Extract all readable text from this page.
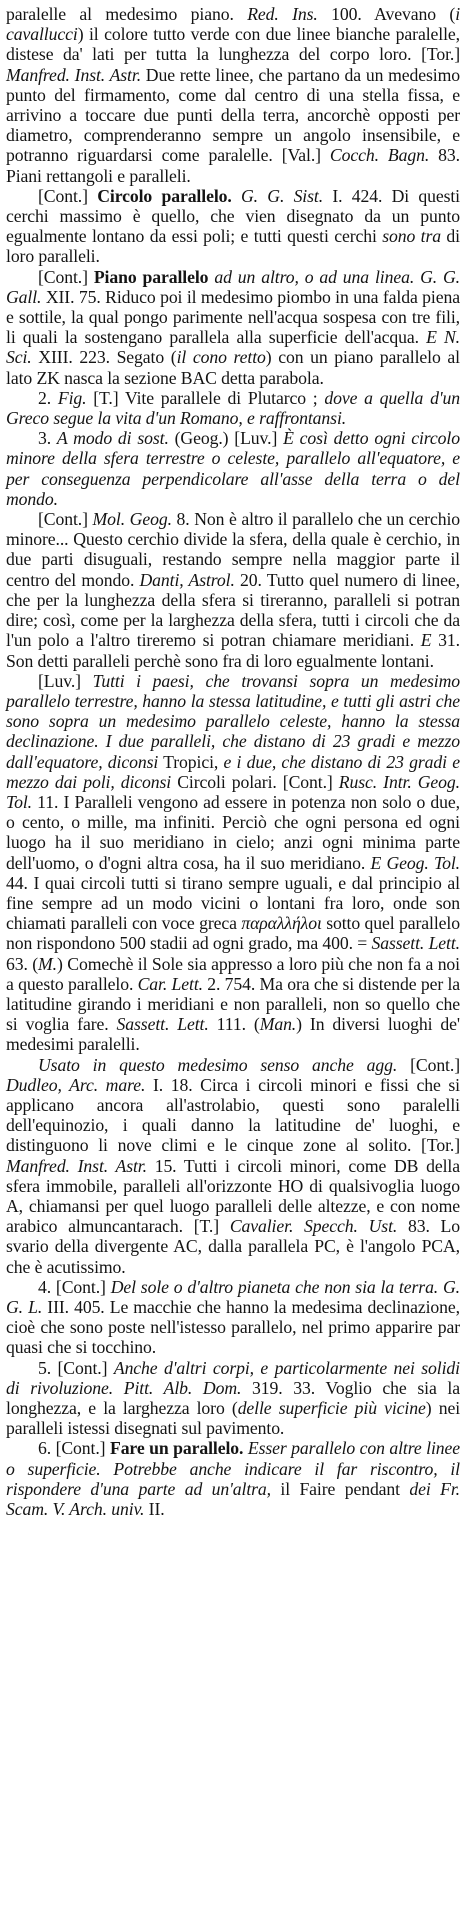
paralelle al medesimo piano. Red. Ins. 100. Avevano (i cavallucci) il colore tutto verde con due linee bianche paralelle, distese da' lati per tutta la lunghezza del corpo loro. [Tor.] Manfred. Inst. Astr. Due rette linee, che partano da un medesimo punto del firmamento, come dal centro di una stella fissa, e arrivino a toccare due punti della terra, ancorchè opposti per diametro, comprenderanno sempre un angolo insensibile, e potranno riguardarsi come paralelle. [Val.] Cocch. Bagn. 83. Piani rettangoli e paralleli.

[Cont.] Circolo parallelo. G. G. Sist. I. 424. Di questi cerchi massimo è quello, che vien disegnato da un punto egualmente lontano da essi poli; e tutti questi cerchi sono tra di loro paralleli.

[Cont.] Piano parallelo ad un altro, o ad una linea. G. G. Gall. XII. 75. Riduco poi il medesimo piombo in una falda piena e sottile, la qual pongo parimente nell'acqua sospesa con tre fili, li quali la sostengano parallela alla superficie dell'acqua. E N. Sci. XIII. 223. Segato (il cono retto) con un piano parallelo al lato ZK nasca la sezione BAC detta parabola.

2. Fig. [T.] Vite parallele di Plutarco ; dove a quella d'un Greco segue la vita d'un Romano, e raffrontansi.

3. A modo di sost. (Geog.) [Luv.] È così detto ogni circolo minore della sfera terrestre o celeste, parallelo all'equatore, e per conseguenza perpendicolare all'asse della terra o del mondo.

[Cont.] Mol. Geog. 8. Non è altro il parallelo che un cerchio minore... Questo cerchio divide la sfera, della quale è cerchio, in due parti disuguali, restando sempre nella maggior parte il centro del mondo. Danti, Astrol. 20. Tutto quel numero di linee, che per la lunghezza della sfera si tireranno, paralleli si potran dire; così, come per la larghezza della sfera, tutti i circoli che da l'un polo a l'altro tireremo si potran chiamare meridiani. E 31. Son detti paralleli perchè sono fra di loro egualmente lontani.

[Luv.] Tutti i paesi, che trovansi sopra un medesimo parallelo terrestre, hanno la stessa latitudine, e tutti gli astri che sono sopra un medesimo parallelo celeste, hanno la stessa declinazione. I due paralleli, che distano di 23 gradi e mezzo dall'equatore, diconsi Tropici, e i due, che distano di 23 gradi e mezzo dai poli, diconsi Circoli polari. [Cont.] Rusc. Intr. Geog. Tol. 11. I Paralleli vengono ad essere in potenza non solo o due, o cento, o mille, ma infiniti. Perciò che ogni persona ed ogni luogo ha il suo meridiano in cielo; anzi ogni minima parte dell'uomo, o d'ogni altra cosa, ha il suo meridiano. E Geog. Tol. 44. I quai circoli tutti si tirano sempre uguali, e dal principio al fine sempre ad un modo vicini o lontani fra loro, onde son chiamati paralleli con voce greca παραλλήλοι sotto quel parallelo non rispondono 500 stadii ad ogni grado, ma 400. = Sassett. Lett. 63. (M.) Comechè il Sole sia appresso a loro più che non fa a noi a questo parallelo. Car. Lett. 2. 754. Ma ora che si distende per la latitudine girando i meridiani e non paralleli, non so quello che si voglia fare. Sassett. Lett. 111. (Man.) In diversi luoghi de' medesimi paralelli.

Usato in questo medesimo senso anche agg. [Cont.] Dudleo, Arc. mare. I. 18. Circa i circoli minori e fissi che si applicano ancora all'astrolabio, questi sono paralelli dell'equinozio, i quali danno la latitudine de' luoghi, e distinguono li nove climi e le cinque zone al solito. [Tor.] Manfred. Inst. Astr. 15. Tutti i circoli minori, come DB della sfera immobile, paralleli all'orizzonte HO di qualsivoglia luogo A, chiamansi per quel luogo paralleli delle altezze, e con nome arabico almuncantarach. [T.] Cavalier. Specch. Ust. 83. Lo svario della divergente AC, dalla parallela PC, è l'angolo PCA, che è acutissimo.

4. [Cont.] Del sole o d'altro pianeta che non sia la terra. G. G. L. III. 405. Le macchie che hanno la medesima declinazione, cioè che sono poste nell'istesso parallelo, nel primo apparire par quasi che si tocchino.

5. [Cont.] Anche d'altri corpi, e particolarmente nei solidi di rivoluzione. Pitt. Alb. Dom. 319. 33. Voglio che sia la longhezza, e la larghezza loro (delle superficie più vicine) nei paralleli istessi disegnati sul pavimento.

6. [Cont.] Fare un parallelo. Esser parallelo con altre linee o superficie. Potrebbe anche indicare il far riscontro, il rispondere d'una parte ad un'altra, il Faire pendant dei Fr. Scam. V. Arch. univ. II.
